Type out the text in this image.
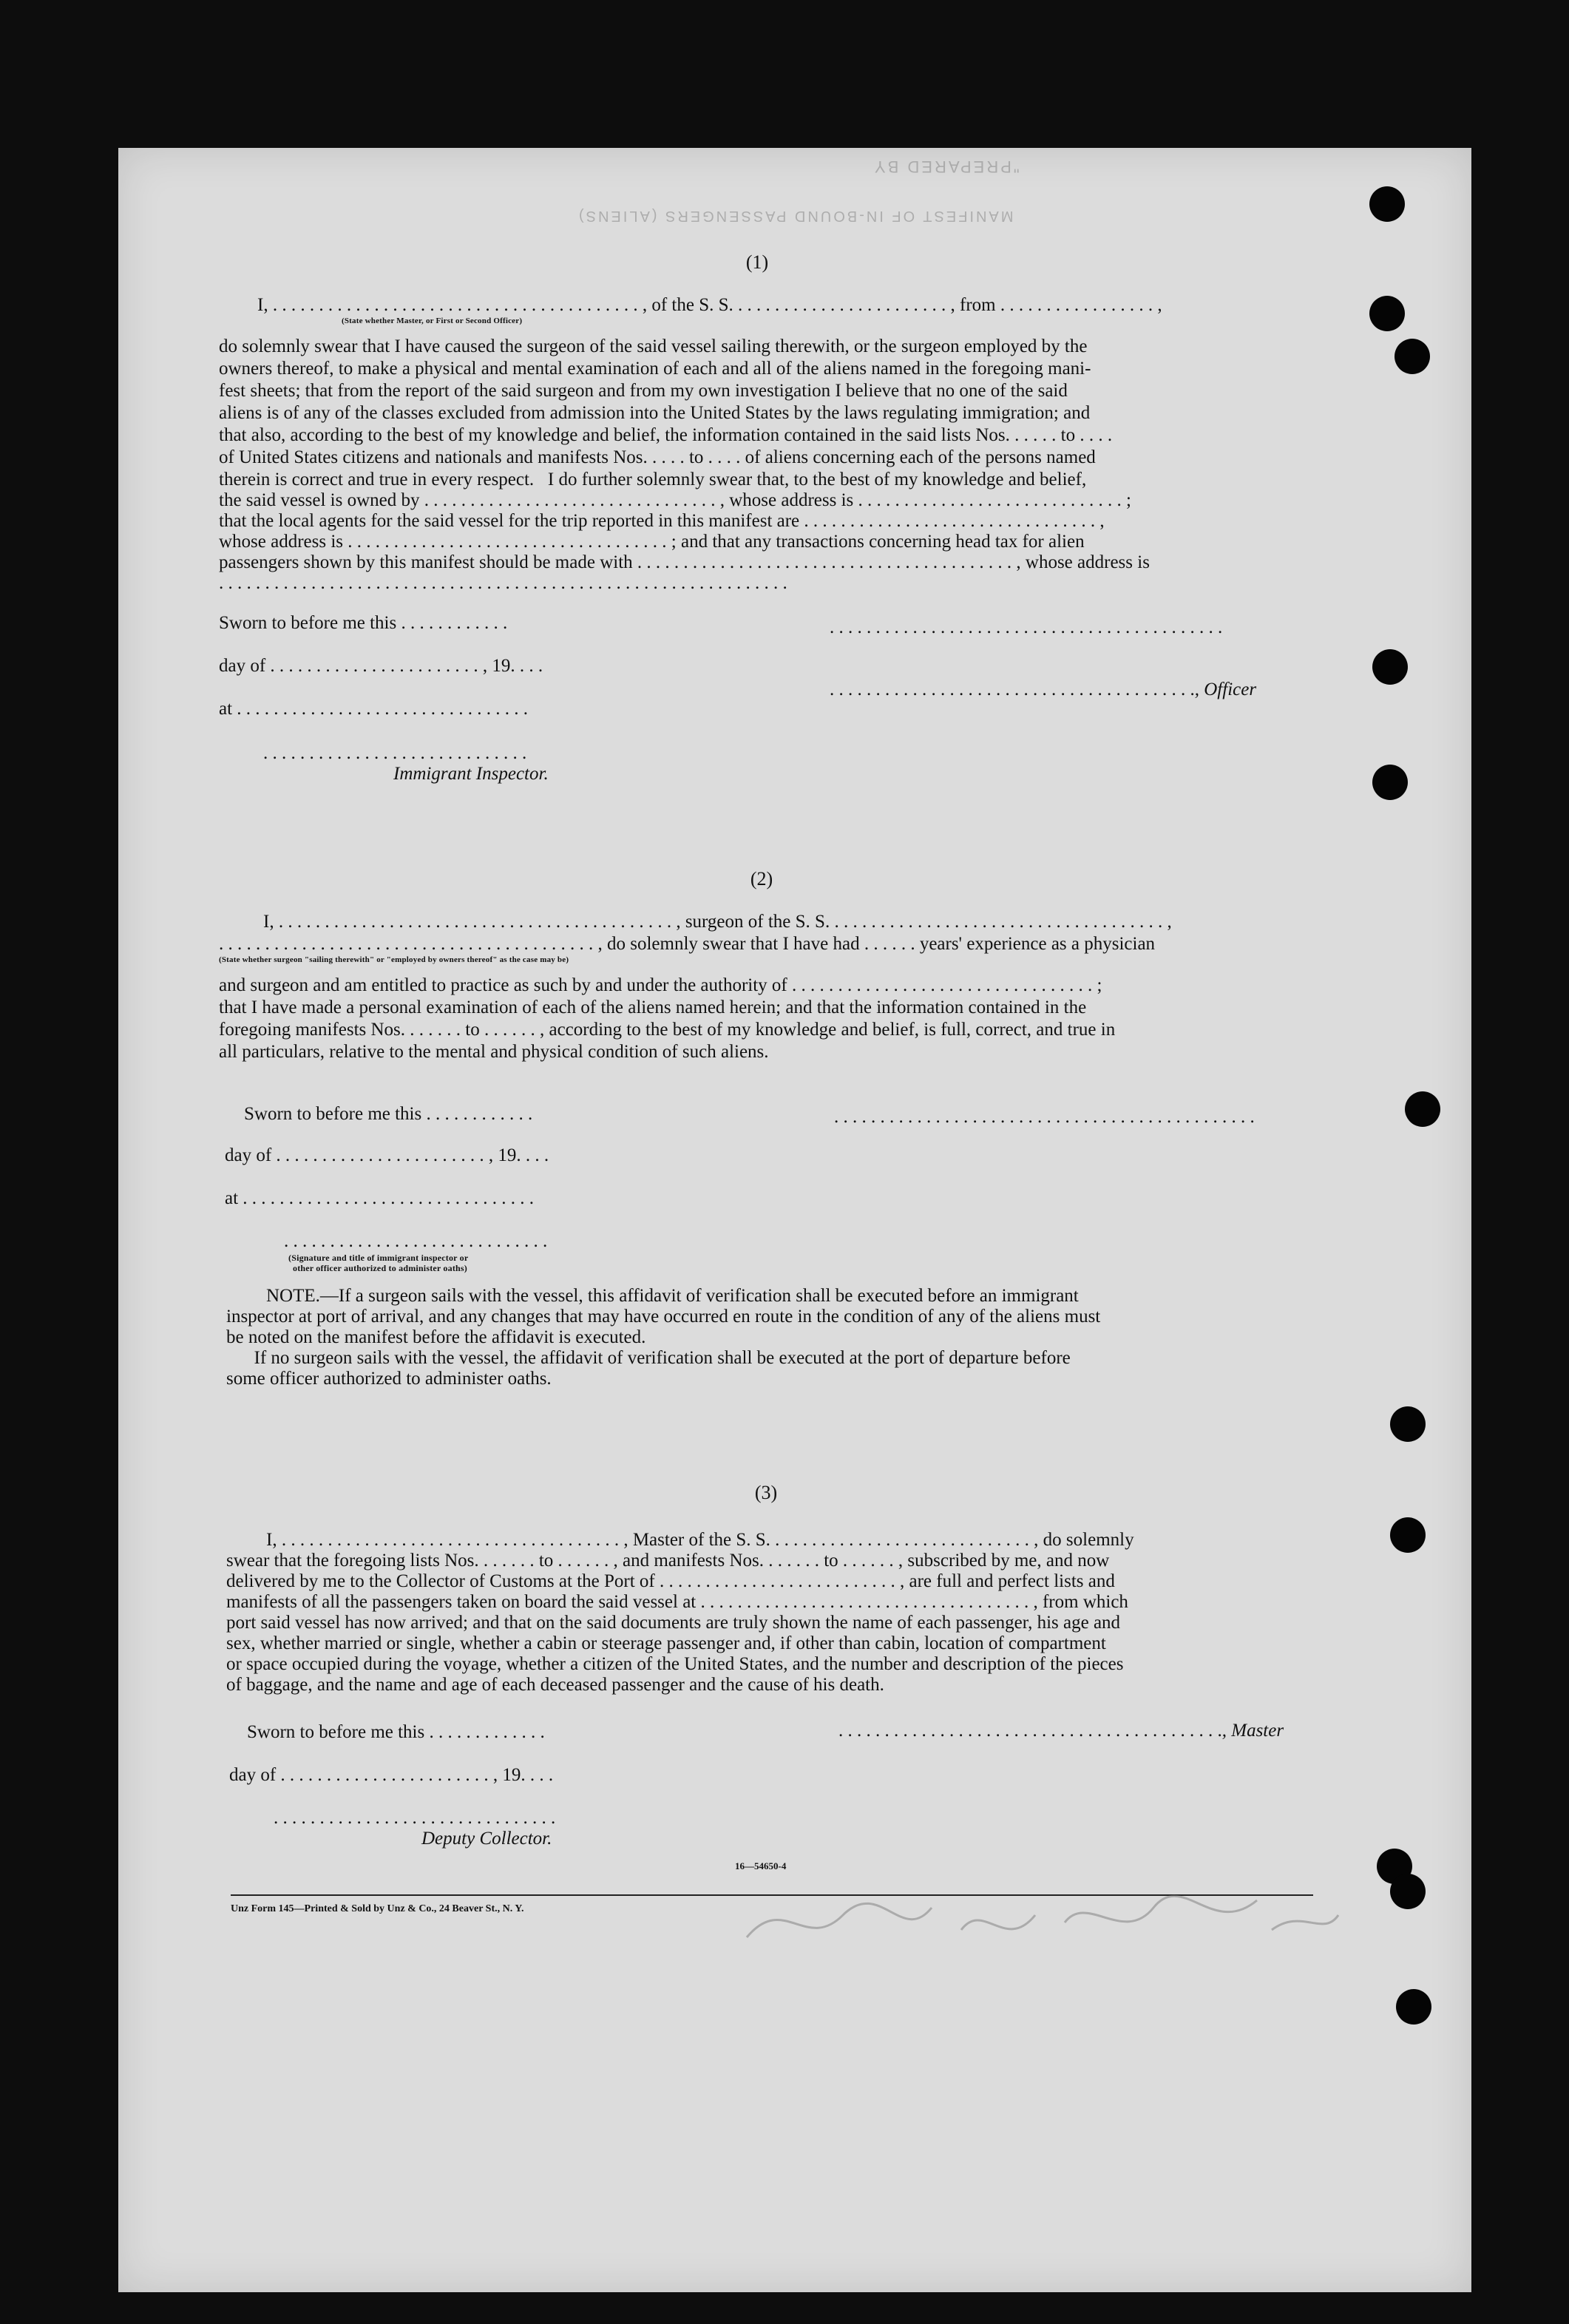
"PREPARED BY
MANIFEST OF IN-BOUND PASSENGERS (ALIENS)
(1)
I, . . . . . . . . . . . . . . . . . . . . . . . . . . . . . . . . . . . . . . . . , of the S. S. . . . . . . . . . . . . . . . . . . . . . . . , from . . . . . . . . . . . . . . . . . ,
(State whether Master, or First or Second Officer)
do solemnly swear that I have caused the surgeon of the said vessel sailing therewith, or the surgeon employed by the
owners thereof, to make a physical and mental examination of each and all of the aliens named in the foregoing mani-
fest sheets; that from the report of the said surgeon and from my own investigation I believe that no one of the said
aliens is of any of the classes excluded from admission into the United States by the laws regulating immigration; and
that also, according to the best of my knowledge and belief, the information contained in the said lists Nos. . . . . . to . . . .
of United States citizens and nationals and manifests Nos. . . . . to . . . . of aliens concerning each of the persons named
therein is correct and true in every respect.   I do further solemnly swear that, to the best of my knowledge and belief,
the said vessel is owned by . . . . . . . . . . . . . . . . . . . . . . . . . . . . . . . . , whose address is . . . . . . . . . . . . . . . . . . . . . . . . . . . . . ;
that the local agents for the said vessel for the trip reported in this manifest are . . . . . . . . . . . . . . . . . . . . . . . . . . . . . . . . ,
whose address is . . . . . . . . . . . . . . . . . . . . . . . . . . . . . . . . . . . ; and that any transactions concerning head tax for alien
passengers shown by this manifest should be made with . . . . . . . . . . . . . . . . . . . . . . . . . . . . . . . . . . . . . . . . . , whose address is
. . . . . . . . . . . . . . . . . . . . . . . . . . . . . . . . . . . . . . . . . . . . . . . . . . . . . . . . . . . . . .
Sworn to before me this . . . . . . . . . . . .	. . . . . . . . . . . . . . . . . . . . . . . . . . . . . . . . . . . . . . . . . . .
day of . . . . . . . . . . . . . . . . . . . . . . . , 19. . . .
. . . . . . . . . . . . . . . . . . . . . . . . . . . . . . . . . . . . . . . ., Officer
at . . . . . . . . . . . . . . . . . . . . . . . . . . . . . . . .
. . . . . . . . . . . . . . . . . . . . . . . . . . . . .
Immigrant Inspector.
(2)
I, . . . . . . . . . . . . . . . . . . . . . . . . . . . . . . . . . . . . . . . . . . . , surgeon of the S. S. . . . . . . . . . . . . . . . . . . . . . . . . . . . . . . . . . . . . ,
. . . . . . . . . . . . . . . . . . . . . . . . . . . . . . . . . . . . . . . . . , do solemnly swear that I have had . . . . . . years' experience as a physician
(State whether surgeon "sailing therewith" or "employed by owners thereof" as the case may be)
and surgeon and am entitled to practice as such by and under the authority of . . . . . . . . . . . . . . . . . . . . . . . . . . . . . . . . . ;
that I have made a personal examination of each of the aliens named herein; and that the information contained in the
foregoing manifests Nos. . . . . . . to . . . . . . , according to the best of my knowledge and belief, is full, correct, and true in
all particulars, relative to the mental and physical condition of such aliens.
Sworn to before me this . . . . . . . . . . . .	. . . . . . . . . . . . . . . . . . . . . . . . . . . . . . . . . . . . . . . . . . . . . .
day of . . . . . . . . . . . . . . . . . . . . . . . , 19. . . .
at . . . . . . . . . . . . . . . . . . . . . . . . . . . . . . . .
. . . . . . . . . . . . . . . . . . . . . . . . . . . . .
(Signature and title of immigrant inspector or
other officer authorized to administer oaths)
NOTE.—If a surgeon sails with the vessel, this affidavit of verification shall be executed before an immigrant
inspector at port of arrival, and any changes that may have occurred en route in the condition of any of the aliens must
be noted on the manifest before the affidavit is executed.
If no surgeon sails with the vessel, the affidavit of verification shall be executed at the port of departure before
some officer authorized to administer oaths.
(3)
I, . . . . . . . . . . . . . . . . . . . . . . . . . . . . . . . . . . . . . , Master of the S. S. . . . . . . . . . . . . . . . . . . . . . . . . . . . . , do solemnly
swear that the foregoing lists Nos. . . . . . . to . . . . . . , and manifests Nos. . . . . . . to . . . . . . , subscribed by me, and now
delivered by me to the Collector of Customs at the Port of . . . . . . . . . . . . . . . . . . . . . . . . . . , are full and perfect lists and
manifests of all the passengers taken on board the said vessel at . . . . . . . . . . . . . . . . . . . . . . . . . . . . . . . . . . . . , from which
port said vessel has now arrived; and that on the said documents are truly shown the name of each passenger, his age and
sex, whether married or single, whether a cabin or steerage passenger and, if other than cabin, location of compartment
or space occupied during the voyage, whether a citizen of the United States, and the number and description of the pieces
of baggage, and the name and age of each deceased passenger and the cause of his death.
Sworn to before me this . . . . . . . . . . . . .	. . . . . . . . . . . . . . . . . . . . . . . . . . . . . . . . . . . . . . . . . ., Master
day of . . . . . . . . . . . . . . . . . . . . . . . , 19. . . .
. . . . . . . . . . . . . . . . . . . . . . . . . . . . . . .
Deputy Collector.
16—54650-4
Unz Form 145—Printed & Sold by Unz & Co., 24 Beaver St., N. Y.
